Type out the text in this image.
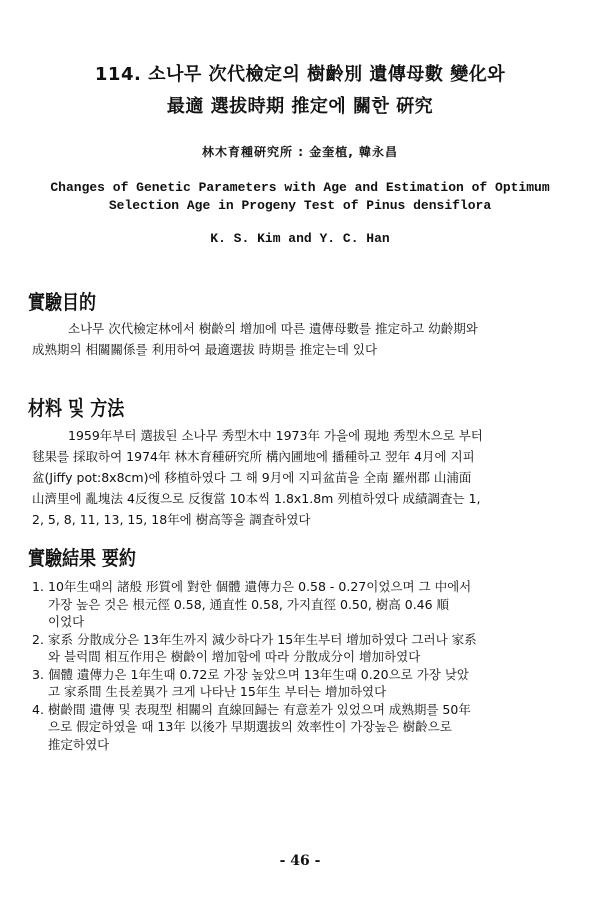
114. 소나무 次代檢定의 樹齡別 遺傳母數 變化와
最適 選拔時期 推定에 關한 硏究
林木育種硏究所 : 金奎植, 韓永昌
Changes of Genetic Parameters with Age and Estimation of Optimum
Selection Age in Progeny Test of Pinus densiflora
K. S. Kim and Y. C. Han
實驗目的
소나무 次代檢定林에서 樹齡의 增加에 따른 遺傳母數를 推定하고 幼齡期와
成熟期의 相關關係를 利用하여 最適選拔 時期를 推定는데 있다
材料 및 方法
1959年부터 選拔된 소나무 秀型木中 1973年 가을에 現地 秀型木으로 부터
毬果를 採取하여 1974年 林木育種硏究所 構內圃地에 播種하고 翌年 4月에 지피
盆(Jiffy pot:8x8cm)에 移植하였다 그 해 9月에 지피盆苗을 全南 羅州郡 山浦面
山濟里에 亂塊法 4反復으로 反復當 10本씩 1.8x1.8m 列植하였다 成績調査는 1,
2, 5, 8, 11, 13, 15, 18年에 樹高等을 調査하였다
實驗結果 要約
1. 10年生때의 諸般 形質에 對한 個體 遺傳力은 0.58 - 0.27이었으며 그 中에서
가장 높은 것은 根元徑 0.58, 通直性 0.58, 가지直徑 0.50, 樹高 0.46 順
이었다
2. 家系 分散成分은 13年生까지 減少하다가 15年生부터 增加하였다 그러나 家系
와 블럭間 相互作用은 樹齡이 增加함에 따라 分散成分이 增加하였다
3. 個體 遺傳力은 1年生때 0.72로 가장 높았으며 13年生때 0.20으로 가장 낮았
고 家系間 生長差異가 크게 나타난 15年生 부터는 增加하였다
4. 樹齡間 遺傳 및 表現型 相關의 直線回歸는 有意差가 있었으며 成熟期를 50年
으로 假定하였을 때 13年 以後가 早期選拔의 效率性이 가장높은 樹齡으로
推定하였다
- 46 -
